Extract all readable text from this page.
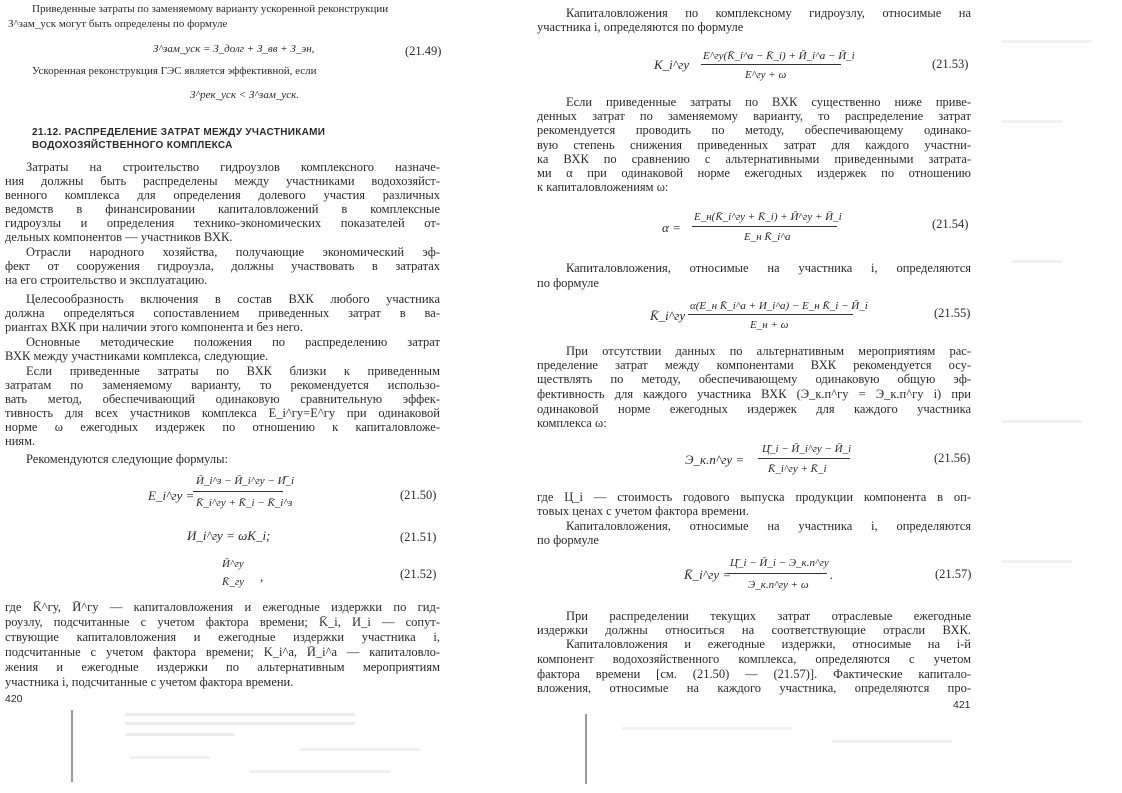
Приведенные затраты по заменяемому варианту ускоренной реконструкции
З^зам_уск могут быть определены по формуле
З^зам_уск = З_долг + З_вв + З_эн,	(21.49)
Ускоренная реконструкция ГЭС является эффективной, если
З^рек_уск < З^зам_уск.
21.12. РАСПРЕДЕЛЕНИЕ ЗАТРАТ МЕЖДУ УЧАСТНИКАМИ
ВОДОХОЗЯЙСТВЕННОГО КОМПЛЕКСА
Затраты на строительство гидроузлов комплексного назначе-
ния должны быть распределены между участниками водохозяйст-
венного комплекса для определения долевого участия различных
ведомств в финансировании капиталовложений в комплексные
гидроузлы и определения технико-экономических показателей от-
дельных компонентов — участников ВХК.
Отрасли народного хозяйства, получающие экономический эф-
фект от сооружения гидроузла, должны участвовать в затратах
на его строительство и эксплуатацию.
Целесообразность включения в состав ВХК любого участника
должна определяться сопоставлением приведенных затрат в ва-
риантах ВХК при наличии этого компонента и без него.
Основные методические положения по распределению затрат
ВХК между участниками комплекса, следующие.
Если приведенные затраты по ВХК близки к приведенным
затратам по заменяемому варианту, то рекомендуется использо-
вать метод, обеспечивающий одинаковую сравнительную эффек-
тивность для всех участников комплекса E_i^гу=E^гу при одинаковой
норме ω ежегодных издержек по отношению к капиталовложе-
ниям.
Рекомендуются следующие формулы:
E_i^гу =
Ӣ_i^з − Ӣ_i^гу − И̅_i
K̄_i^гу + K̄_i − K̄_i^з
(21.50)
И_i^гу = ωK_i;	(21.51)
Ӣ^гу
K̄_гу ,	(21.52)
где K̄^гу, Ӣ^гу — капиталовложения и ежегодные издержки по гид-
роузлу, подсчитанные с учетом фактора времени; K̄_i, И_i — сопут-
ствующие капиталовложения и ежегодные издержки участника i,
подсчитанные с учетом фактора времени; K_i^а, Ӣ_i^а — капиталовло-
жения и ежегодные издержки по альтернативным мероприятиям
участника i, подсчитанные с учетом фактора времени.
420
Капиталовложения по комплексному гидроузлу, относимые на
участника i, определяются по формуле
K_i^гу
E^гу(K̄_i^а − K̄_i) + Ӣ_i^а − Ӣ_i
E^гу + ω
(21.53)
Если приведенные затраты по ВХК существенно ниже приве-
денных затрат по заменяемому варианту, то распределение затрат
рекомендуется проводить по методу, обеспечивающему одинако-
вую степень снижения приведенных затрат для каждого участни-
ка ВХК по сравнению с альтернативными приведенными затрата-
ми α при одинаковой норме ежегодных издержек по отношению
к капиталовложениям ω:
α =
E_н(K̄_i^гу + K̄_i) + Ӣ^гу + Ӣ_i
E_н K̄_i^а
(21.54)
Капиталовложения, относимые на участника i, определяются
по формуле
K̄_i^гу
α(E_н K̄_i^а + И_i^а) − E_н K̄_i − Ӣ_i
E_н + ω
(21.55)
При отсутствии данных по альтернативным мероприятиям рас-
пределение затрат между компонентами ВХК рекомендуется осу-
ществлять по методу, обеспечивающему одинаковую общую эф-
фективность для каждого участника ВХК (Э_к.п^гу = Э_к.п^гу i) при
одинаковой норме ежегодных издержек для каждого участника
комплекса ω:
Э_к.п^гу =
Ц̄_i − Ӣ_i^гу − Ӣ_i
K̄_i^гу + K̄_i
(21.56)
где Ц_i — стоимость годового выпуска продукции компонента в оп-
товых ценах с учетом фактора времени.
Капиталовложения, относимые на участника i, определяются
по формуле
K̄_i^гу =
Ц̄_i − Ӣ_i − Э_к.п^гу
Э_к.п^гу + ω
.	(21.57)
При распределении текущих затрат отраслевые ежегодные
издержки должны относиться на соответствующие отрасли ВХК.
Капиталовложения и ежегодные издержки, относимые на i-й
компонент водохозяйственного комплекса, определяются с учетом
фактора времени [см. (21.50) — (21.57)]. Фактические капитало-
вложения, относимые на каждого участника, определяются про-
421
